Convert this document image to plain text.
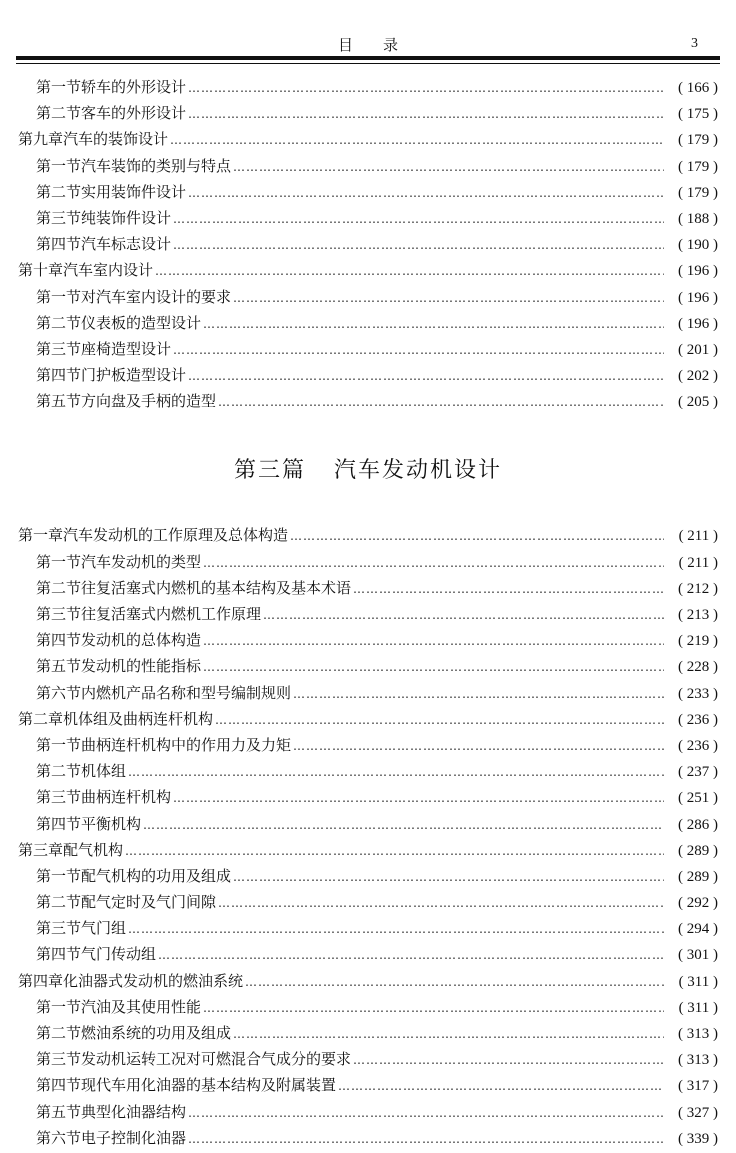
目录	3
第一节 轿车的外形设计 ……………………………………………………………………………………………………………………………………………………………………………………………………	( 166 )
第二节 客车的外形设计 ……………………………………………………………………………………………………………………………………………………………………………………………………	( 175 )
第九章 汽车的装饰设计 ……………………………………………………………………………………………………………………………………………………………………………………………………	( 179 )
第一节 汽车装饰的类别与特点 ……………………………………………………………………………………………………………………………………………………………………………………………………	( 179 )
第二节 实用装饰件设计 ……………………………………………………………………………………………………………………………………………………………………………………………………	( 179 )
第三节 纯装饰件设计 ……………………………………………………………………………………………………………………………………………………………………………………………………	( 188 )
第四节 汽车标志设计 ……………………………………………………………………………………………………………………………………………………………………………………………………	( 190 )
第十章 汽车室内设计 ……………………………………………………………………………………………………………………………………………………………………………………………………	( 196 )
第一节 对汽车室内设计的要求 ……………………………………………………………………………………………………………………………………………………………………………………………………	( 196 )
第二节 仪表板的造型设计 ……………………………………………………………………………………………………………………………………………………………………………………………………	( 196 )
第三节 座椅造型设计 ……………………………………………………………………………………………………………………………………………………………………………………………………	( 201 )
第四节 门护板造型设计 ……………………………………………………………………………………………………………………………………………………………………………………………………	( 202 )
第五节 方向盘及手柄的造型 ……………………………………………………………………………………………………………………………………………………………………………………………………	( 205 )
第三篇 汽车发动机设计
第一章 汽车发动机的工作原理及总体构造 ……………………………………………………………………………………………………………………………………………………………………………………………………	( 211 )
第一节 汽车发动机的类型 ……………………………………………………………………………………………………………………………………………………………………………………………………	( 211 )
第二节 往复活塞式内燃机的基本结构及基本术语 ……………………………………………………………………………………………………………………………………………………………………………………………………	( 212 )
第三节 往复活塞式内燃机工作原理 ……………………………………………………………………………………………………………………………………………………………………………………………………	( 213 )
第四节 发动机的总体构造 ……………………………………………………………………………………………………………………………………………………………………………………………………	( 219 )
第五节 发动机的性能指标 ……………………………………………………………………………………………………………………………………………………………………………………………………	( 228 )
第六节 内燃机产品名称和型号编制规则 ……………………………………………………………………………………………………………………………………………………………………………………………………	( 233 )
第二章 机体组及曲柄连杆机构 ……………………………………………………………………………………………………………………………………………………………………………………………………	( 236 )
第一节 曲柄连杆机构中的作用力及力矩 ……………………………………………………………………………………………………………………………………………………………………………………………………	( 236 )
第二节 机体组 ……………………………………………………………………………………………………………………………………………………………………………………………………	( 237 )
第三节 曲柄连杆机构 ……………………………………………………………………………………………………………………………………………………………………………………………………	( 251 )
第四节 平衡机构 ……………………………………………………………………………………………………………………………………………………………………………………………………	( 286 )
第三章 配气机构 ……………………………………………………………………………………………………………………………………………………………………………………………………	( 289 )
第一节 配气机构的功用及组成 ……………………………………………………………………………………………………………………………………………………………………………………………………	( 289 )
第二节 配气定时及气门间隙 ……………………………………………………………………………………………………………………………………………………………………………………………………	( 292 )
第三节 气门组 ……………………………………………………………………………………………………………………………………………………………………………………………………	( 294 )
第四节 气门传动组 ……………………………………………………………………………………………………………………………………………………………………………………………………	( 301 )
第四章 化油器式发动机的燃油系统 ……………………………………………………………………………………………………………………………………………………………………………………………………	( 311 )
第一节 汽油及其使用性能 ……………………………………………………………………………………………………………………………………………………………………………………………………	( 311 )
第二节 燃油系统的功用及组成 ……………………………………………………………………………………………………………………………………………………………………………………………………	( 313 )
第三节 发动机运转工况对可燃混合气成分的要求 ……………………………………………………………………………………………………………………………………………………………………………………………………	( 313 )
第四节 现代车用化油器的基本结构及附属装置 ……………………………………………………………………………………………………………………………………………………………………………………………………	( 317 )
第五节 典型化油器结构 ……………………………………………………………………………………………………………………………………………………………………………………………………	( 327 )
第六节 电子控制化油器 ……………………………………………………………………………………………………………………………………………………………………………………………………	( 339 )
